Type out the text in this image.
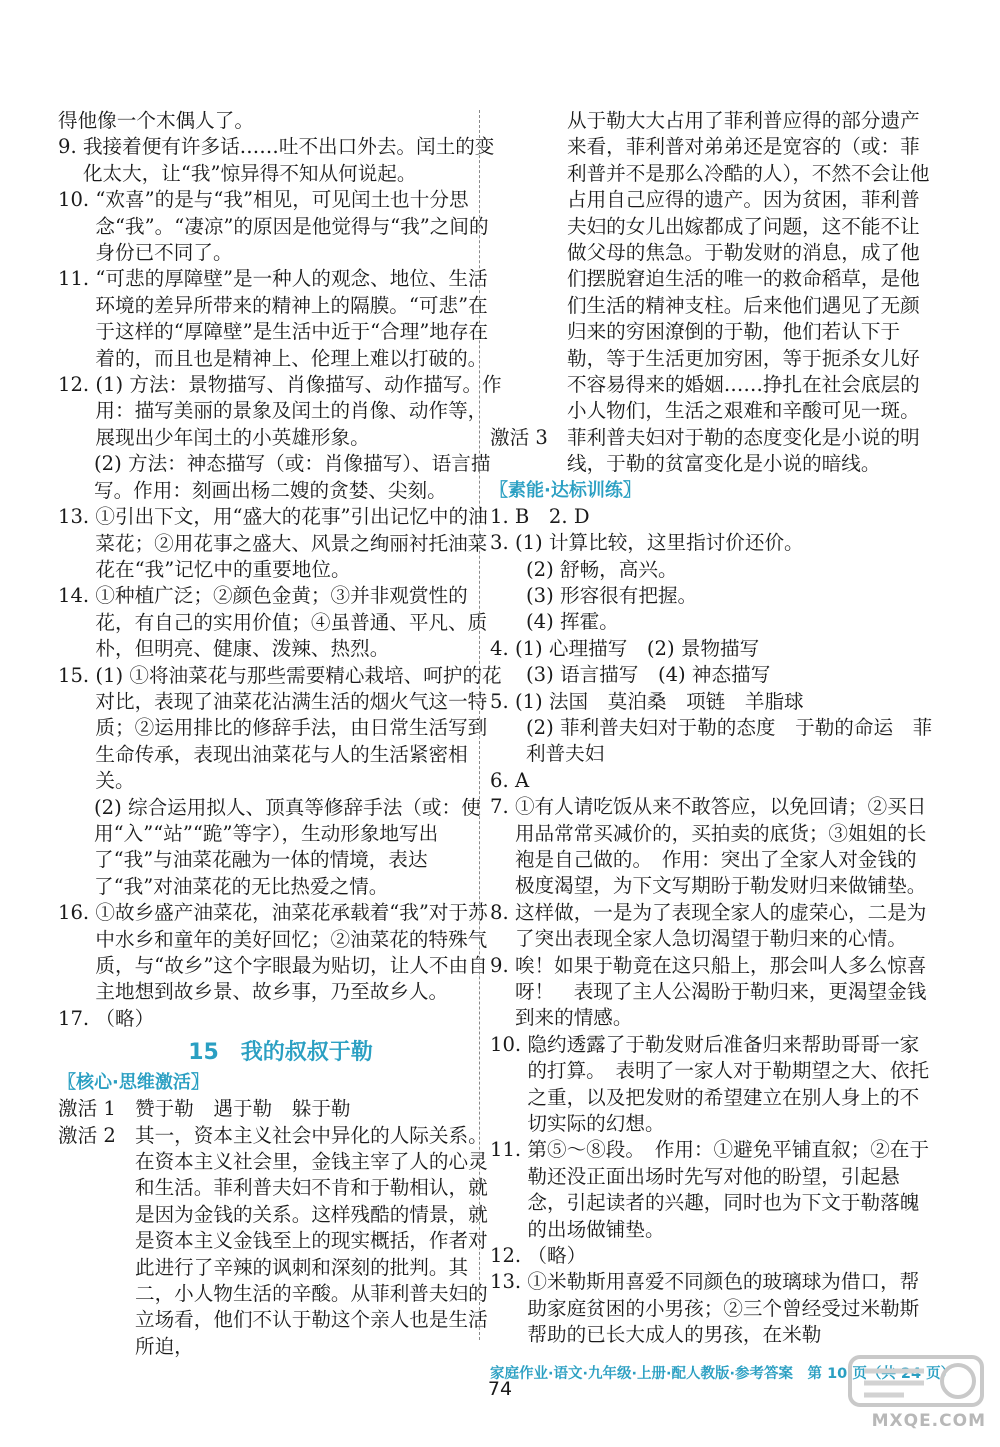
得他像一个木偶人了。
9. 我接着便有许多话……吐不出口外去。闰土的变化太大，让“我”惊异得不知从何说起。
10. “欢喜”的是与“我”相见，可见闰土也十分思念“我”。“凄凉”的原因是他觉得与“我”之间的身份已不同了。
11. “可悲的厚障壁”是一种人的观念、地位、生活环境的差异所带来的精神上的隔膜。“可悲”在于这样的“厚障壁”是生活中近于“合理”地存在着的，而且也是精神上、伦理上难以打破的。
12. (1) 方法：景物描写、肖像描写、动作描写。作用：描写美丽的景象及闰土的肖像、动作等，展现出少年闰土的小英雄形象。
(2) 方法：神态描写（或：肖像描写）、语言描写。作用：刻画出杨二嫂的贪婪、尖刻。
13. ①引出下文，用“盛大的花事”引出记忆中的油菜花；②用花事之盛大、风景之绚丽衬托油菜花在“我”记忆中的重要地位。
14. ①种植广泛；②颜色金黄；③并非观赏性的花，有自己的实用价值；④虽普通、平凡、质朴，但明亮、健康、泼辣、热烈。
15. (1) ①将油菜花与那些需要精心栽培、呵护的花对比，表现了油菜花沾满生活的烟火气这一特质；②运用排比的修辞手法，由日常生活写到生命传承，表现出油菜花与人的生活紧密相关。
(2) 综合运用拟人、顶真等修辞手法（或：使用“入”“站”“跪”等字），生动形象地写出了“我”与油菜花融为一体的情境，表达了“我”对油菜花的无比热爱之情。
16. ①故乡盛产油菜花，油菜花承载着“我”对于苏中水乡和童年的美好回忆；②油菜花的特殊气质，与“故乡”这个字眼最为贴切，让人不由自主地想到故乡景、故乡事，乃至故乡人。
17. （略）
15　我的叔叔于勒
〖核心·思维激活〗
激活 1 赞于勒　遇于勒　躲于勒
激活 2 其一，资本主义社会中异化的人际关系。在资本主义社会里，金钱主宰了人的心灵和生活。菲利普夫妇不肯和于勒相认，就是因为金钱的关系。这样残酷的情景，就是资本主义金钱至上的现实概括，作者对此进行了辛辣的讽刺和深刻的批判。其二，小人物生活的辛酸。从菲利普夫妇的立场看，他们不认于勒这个亲人也是生活所迫，
从于勒大大占用了菲利普应得的部分遗产来看，菲利普对弟弟还是宽容的（或：菲利普并不是那么冷酷的人），不然不会让他占用自己应得的遗产。因为贫困，菲利普夫妇的女儿出嫁都成了问题，这不能不让做父母的焦急。于勒发财的消息，成了他们摆脱窘迫生活的唯一的救命稻草，是他们生活的精神支柱。后来他们遇见了无颜归来的穷困潦倒的于勒，他们若认下于勒，等于生活更加穷困，等于扼杀女儿好不容易得来的婚姻……挣扎在社会底层的小人物们，生活之艰难和辛酸可见一斑。
激活 3 菲利普夫妇对于勒的态度变化是小说的明线，于勒的贫富变化是小说的暗线。
〖素能·达标训练〗
1. B　2. D
3. (1) 计算比较，这里指讨价还价。
(2) 舒畅，高兴。
(3) 形容很有把握。
(4) 挥霍。
4. (1) 心理描写　(2) 景物描写
(3) 语言描写　(4) 神态描写
5. (1) 法国　莫泊桑　项链　羊脂球
(2) 菲利普夫妇对于勒的态度　于勒的命运　菲利普夫妇
6. A
7. ①有人请吃饭从来不敢答应，以免回请；②买日用品常常买减价的，买拍卖的底货；③姐姐的长袍是自己做的。　作用：突出了全家人对金钱的极度渴望，为下文写期盼于勒发财归来做铺垫。
8. 这样做，一是为了表现全家人的虚荣心，二是为了突出表现全家人急切渴望于勒归来的心情。
9. 唉！如果于勒竟在这只船上，那会叫人多么惊喜呀！　表现了主人公渴盼于勒归来，更渴望金钱到来的情感。
10. 隐约透露了于勒发财后准备归来帮助哥哥一家的打算。　表明了一家人对于勒期望之大、依托之重，以及把发财的希望建立在别人身上的不切实际的幻想。
11. 第⑤～⑧段。　作用：①避免平铺直叙；②在于勒还没正面出场时先写对他的盼望，引起悬念，引起读者的兴趣，同时也为下文于勒落魄的出场做铺垫。
12. （略）
13. ①米勒斯用喜爱不同颜色的玻璃球为借口，帮助家庭贫困的小男孩；②三个曾经受过米勒斯帮助的已长大成人的男孩，在米勒
家庭作业·语文·九年级·上册·配人教版·参考答案　第 10 页（共 24 页）
74
MXQE.COM
